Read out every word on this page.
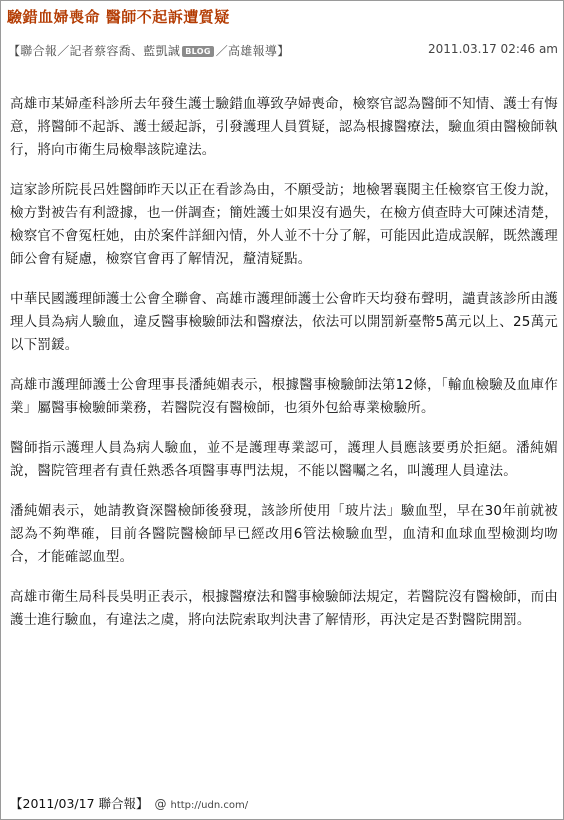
驗錯血婦喪命 醫師不起訴遭質疑
【聯合報／記者蔡容喬、藍凱誠 BLOG ／高雄報導】	2011.03.17 02:46 am

高雄市某婦產科診所去年發生護士驗錯血導致孕婦喪命，檢察官認為醫師不知情、護士有悔意，將醫師不起訴、護士緩起訴，引發護理人員質疑，認為根據醫療法，驗血須由醫檢師執行，將向市衛生局檢舉該院違法。

這家診所院長呂姓醫師昨天以正在看診為由，不願受訪；地檢署襄閱主任檢察官王俊力說，檢方對被告有利證據，也一併調查；簡姓護士如果沒有過失，在檢方偵查時大可陳述清楚，檢察官不會冤枉她，由於案件詳細內情，外人並不十分了解，可能因此造成誤解，既然護理師公會有疑慮，檢察官會再了解情況，釐清疑點。

中華民國護理師護士公會全聯會、高雄市護理師護士公會昨天均發布聲明，譴責該診所由護理人員為病人驗血，違反醫事檢驗師法和醫療法，依法可以開罰新臺幣5萬元以上、25萬元以下罰鍰。

高雄市護理師護士公會理事長潘純媚表示，根據醫事檢驗師法第12條，「輸血檢驗及血庫作業」屬醫事檢驗師業務，若醫院沒有醫檢師，也須外包給專業檢驗所。

醫師指示護理人員為病人驗血，並不是護理專業認可，護理人員應該要勇於拒絕。潘純媚說，醫院管理者有責任熟悉各項醫事專門法規，不能以醫囑之名，叫護理人員違法。

潘純媚表示，她請教資深醫檢師後發現，該診所使用「玻片法」驗血型，早在30年前就被認為不夠準確，目前各醫院醫檢師早已經改用6管法檢驗血型，血清和血球血型檢測均吻合，才能確認血型。

高雄市衛生局科長吳明正表示，根據醫療法和醫事檢驗師法規定，若醫院沒有醫檢師，而由護士進行驗血，有違法之虞，將向法院索取判決書了解情形，再決定是否對醫院開罰。

【2011/03/17 聯合報】 @ http://udn.com/
